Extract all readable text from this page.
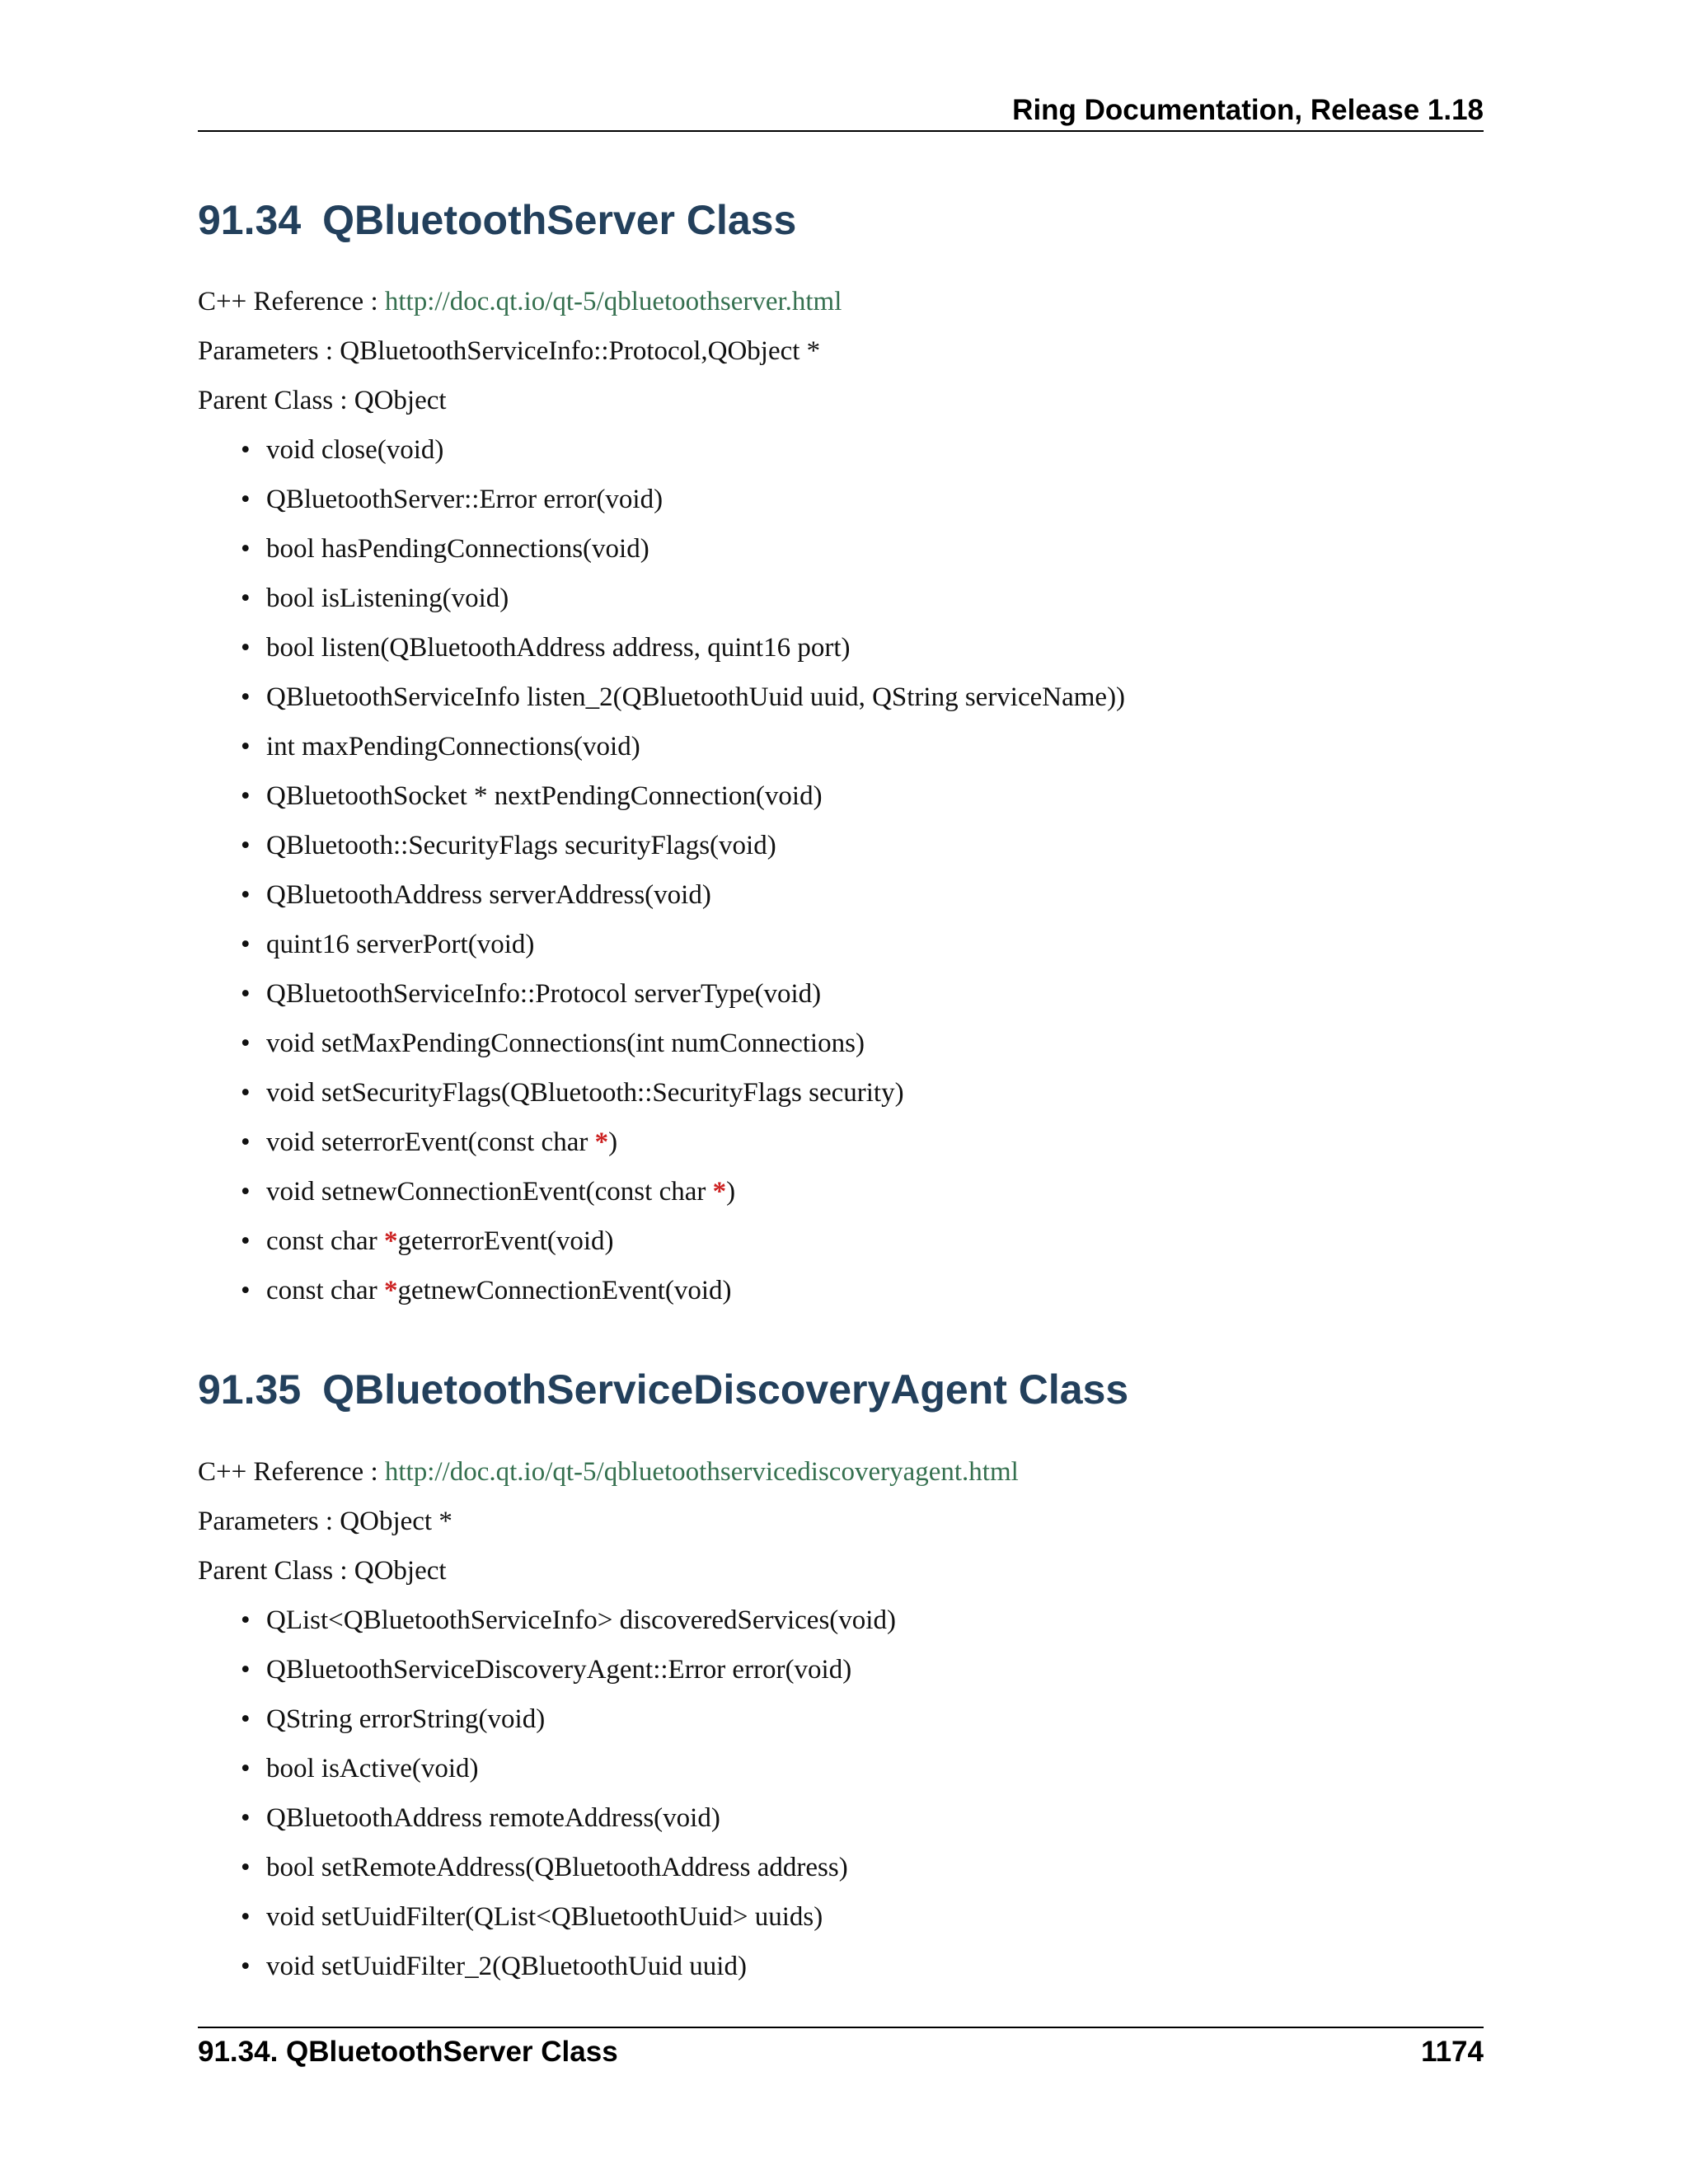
Ring Documentation, Release 1.18
91.34 QBluetoothServer Class
C++ Reference : http://doc.qt.io/qt-5/qbluetoothserver.html
Parameters : QBluetoothServiceInfo::Protocol,QObject *
Parent Class : QObject
• void close(void)
• QBluetoothServer::Error error(void)
• bool hasPendingConnections(void)
• bool isListening(void)
• bool listen(QBluetoothAddress address, quint16 port)
• QBluetoothServiceInfo listen_2(QBluetoothUuid uuid, QString serviceName))
• int maxPendingConnections(void)
• QBluetoothSocket * nextPendingConnection(void)
• QBluetooth::SecurityFlags securityFlags(void)
• QBluetoothAddress serverAddress(void)
• quint16 serverPort(void)
• QBluetoothServiceInfo::Protocol serverType(void)
• void setMaxPendingConnections(int numConnections)
• void setSecurityFlags(QBluetooth::SecurityFlags security)
• void seterrorEvent(const char *)
• void setnewConnectionEvent(const char *)
• const char *geterrorEvent(void)
• const char *getnewConnectionEvent(void)
91.35 QBluetoothServiceDiscoveryAgent Class
C++ Reference : http://doc.qt.io/qt-5/qbluetoothservicediscoveryagent.html
Parameters : QObject *
Parent Class : QObject
• QList<QBluetoothServiceInfo> discoveredServices(void)
• QBluetoothServiceDiscoveryAgent::Error error(void)
• QString errorString(void)
• bool isActive(void)
• QBluetoothAddress remoteAddress(void)
• bool setRemoteAddress(QBluetoothAddress address)
• void setUuidFilter(QList<QBluetoothUuid> uuids)
• void setUuidFilter_2(QBluetoothUuid uuid)
91.34. QBluetoothServer Class	1174
